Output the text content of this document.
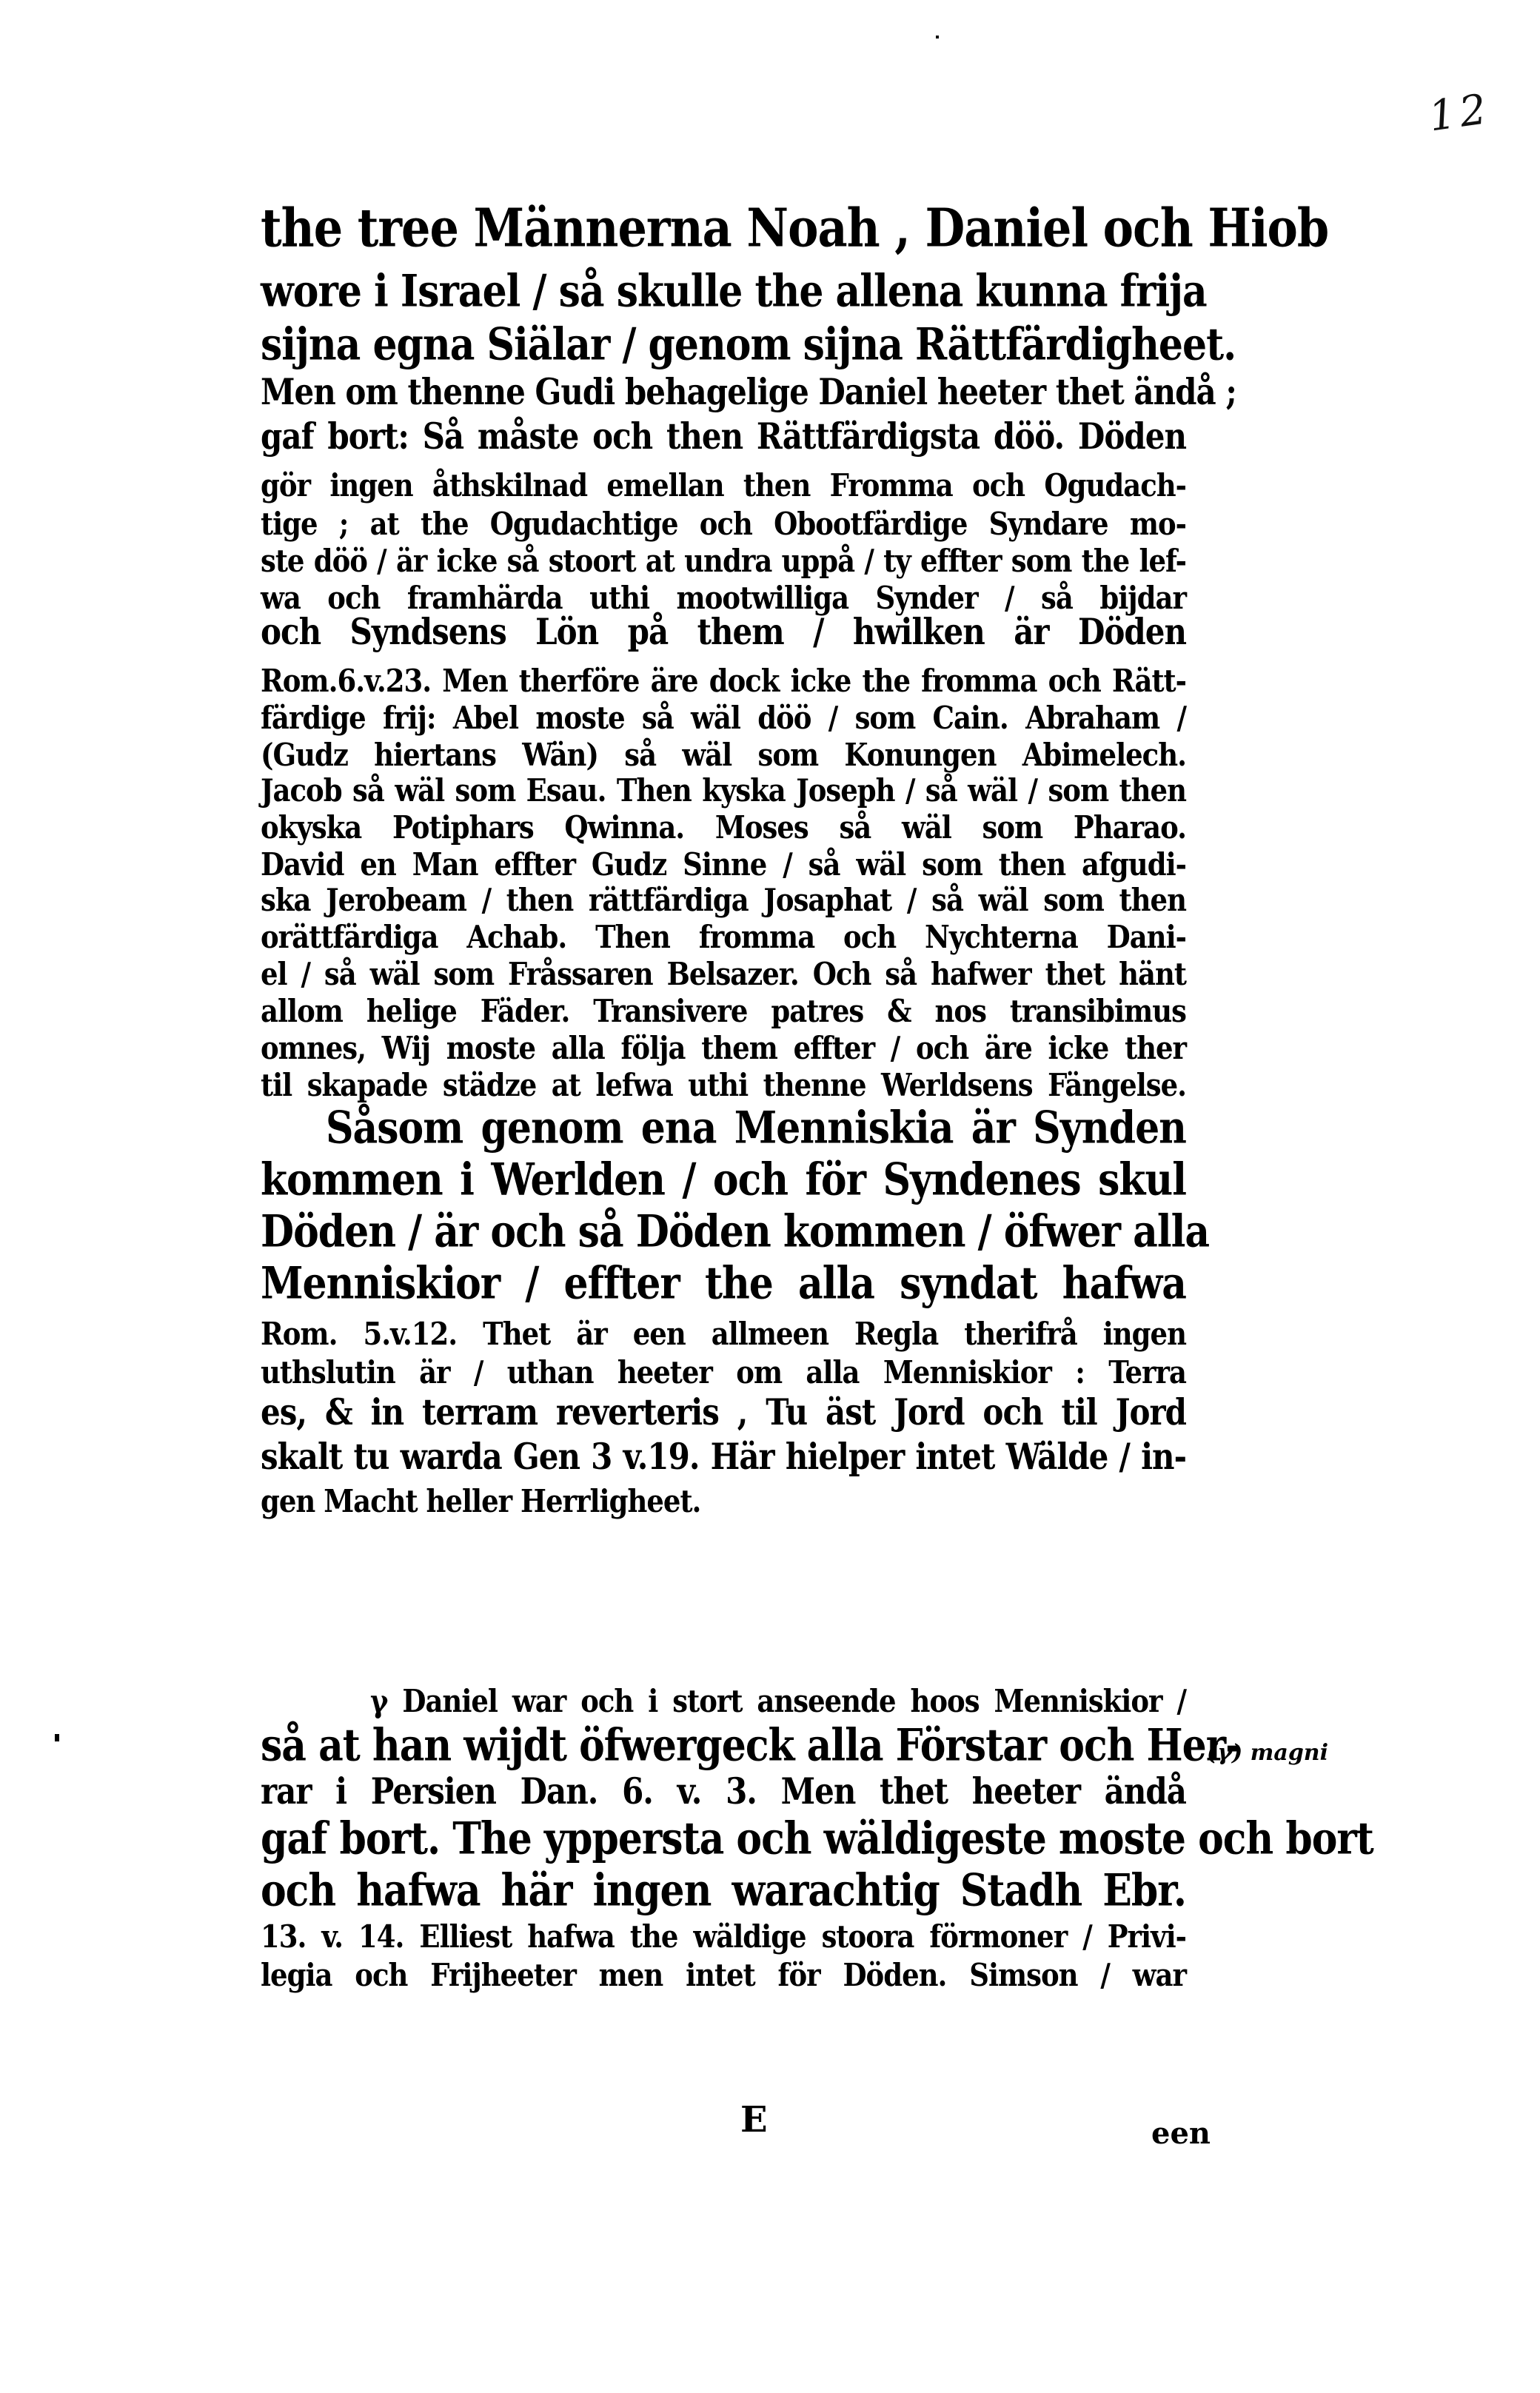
12
the tree Männerna Noah , Daniel och Hiob
wore i Israel / så skulle the allena kunna frija
sijna egna Siälar / genom sijna Rättfärdigheet.
Men om thenne Gudi behagelige Daniel heeter thet ändå ;
gaf bort: Så måste och then Rättfärdigsta döö. Döden
gör ingen åthskilnad emellan then Fromma och Ogudach-
tige ; at the Ogudachtige och Obootfärdige Syndare mo-
ste döö / är icke så stoort at undra uppå / ty effter som the lef-
wa och framhärda uthi mootwilliga Synder / så bijdar
och Syndsens Lön på them / hwilken är Döden
Rom.6.v.23. Men therföre äre dock icke the fromma och Rätt-
färdige frij: Abel moste så wäl döö / som Cain. Abraham /
(Gudz hiertans Wän) så wäl som Konungen Abimelech.
Jacob så wäl som Esau. Then kyska Joseph / så wäl / som then
okyska Potiphars Qwinna. Moses så wäl som Pharao.
David en Man effter Gudz Sinne / så wäl som then afgudi-
ska Jerobeam / then rättfärdiga Josaphat / så wäl som then
orättfärdiga Achab. Then fromma och Nychterna Dani-
el / så wäl som Fråssaren Belsazer. Och så hafwer thet hänt
allom helige Fäder. Transivere patres & nos transibimus
omnes, Wij moste alla följa them effter / och äre icke ther
til skapade städze at lefwa uthi thenne Werldsens Fängelse.
Såsom genom ena Menniskia är Synden
kommen i Werlden / och för Syndenes skul
Döden / är och så Döden kommen / öfwer alla
Menniskior / effter the alla syndat hafwa
Rom. 5.v.12. Thet är een allmeen Regla therifrå ingen
uthslutin är / uthan heeter om alla Menniskior : Terra
es, & in terram reverteris , Tu äst Jord och til Jord
skalt tu warda Gen 3 v.19. Här hielper intet Wälde / in-
gen Macht heller Herrligheet.
γ Daniel war och i stort anseende hoos Menniskior /
så at han wijdt öfwergeck alla Förstar och Her-
rar i Persien Dan. 6. v. 3. Men thet heeter ändå
gaf bort. The yppersta och wäldigeste moste och bort
och hafwa här ingen warachtig Stadh Ebr.
13. v. 14. Elliest hafwa the wäldige stoora förmoner / Privi-
legia och Frijheeter men intet för Döden. Simson / war
(γ) magni
E	een
